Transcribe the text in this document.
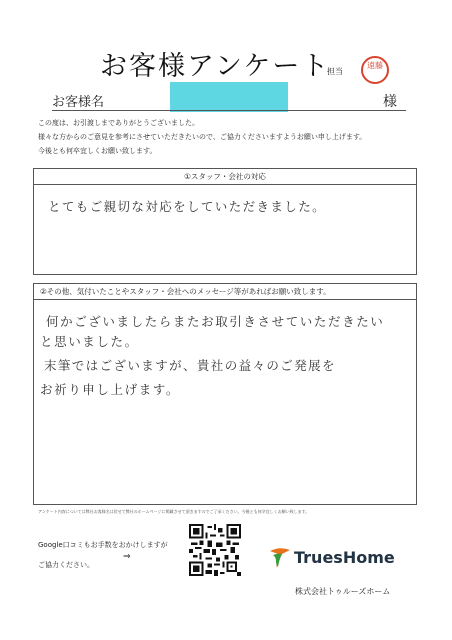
お客様アンケート
担当
遠藤
お客様名	様
この度は、お引渡しまでありがとうございました。
様々な方からのご意見を参考にさせていただきたいので、ご協力くださいますようお願い申し上げます。
今後とも何卒宜しくお願い致します。
①スタッフ・会社の対応
とてもご親切な対応をしていただきました。
②その他、気付いたことやスタッフ・会社へのメッセージ等があればお願い致します。
何かございましたらまたお取引きさせていただきたい
と思いました。
末筆ではございますが、貴社の益々のご発展を
お祈り申し上げます。
アンケート内容については弊社お客様名は伏せて弊社のホームページに掲載させて頂きますのでご了承ください。今後とも何卒宜しくお願い致します。
Google口コミもお手数をおかけしますが
ご協力ください。
⇒	TruesHome
株式会社トゥルーズホーム
